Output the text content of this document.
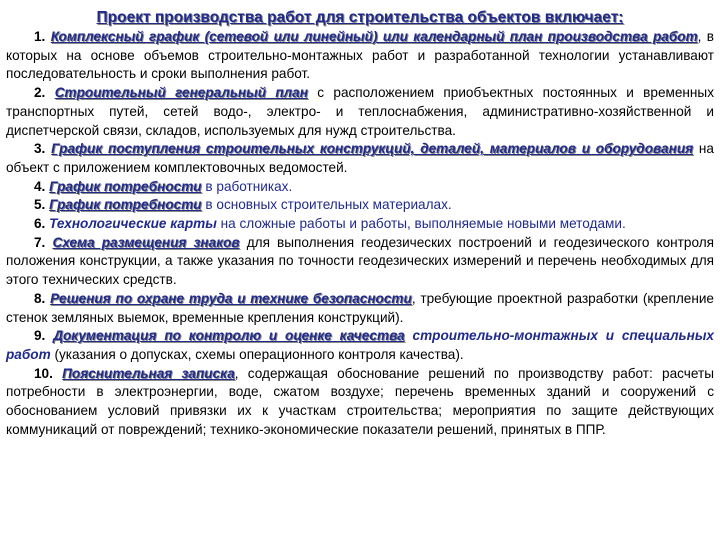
Проект производства работ для строительства объектов включает:

1. Комплексный график (сетевой или линейный) или календарный план производства работ, в которых на основе объемов строительно-монтажных работ и разработанной технологии устанавливают последовательность и сроки выполнения работ.

2. Строительный генеральный план с расположением приобъектных постоянных и временных транспортных путей, сетей водо-, электро- и теплоснабжения, административно-хозяйственной и диспетчерской связи, складов, используемых для нужд строительства.

3. График поступления строительных конструкций, деталей, материалов и оборудования на объект с приложением комплектовочных ведомостей.

4. График потребности в работниках.

5. График потребности в основных строительных материалах.

6. Технологические карты на сложные работы и работы, выполняемые новыми методами.

7. Схема размещения знаков для выполнения геодезических построений и геодезического контроля положения конструкции, а также указания по точности геодезических измерений и перечень необходимых для этого технических средств.

8. Решения по охране труда и технике безопасности, требующие проектной разработки (крепление стенок земляных выемок, временные крепления конструкций).

9. Документация по контролю и оценке качества строительно-монтажных и специальных работ (указания о допусках, схемы операционного контроля качества).

10. Пояснительная записка, содержащая обоснование решений по производству работ: расчеты потребности в электроэнергии, воде, сжатом воздухе; перечень временных зданий и сооружений с обоснованием условий привязки их к участкам строительства; мероприятия по защите действующих коммуникаций от повреждений; технико-экономические показатели решений, принятых в ППР.
